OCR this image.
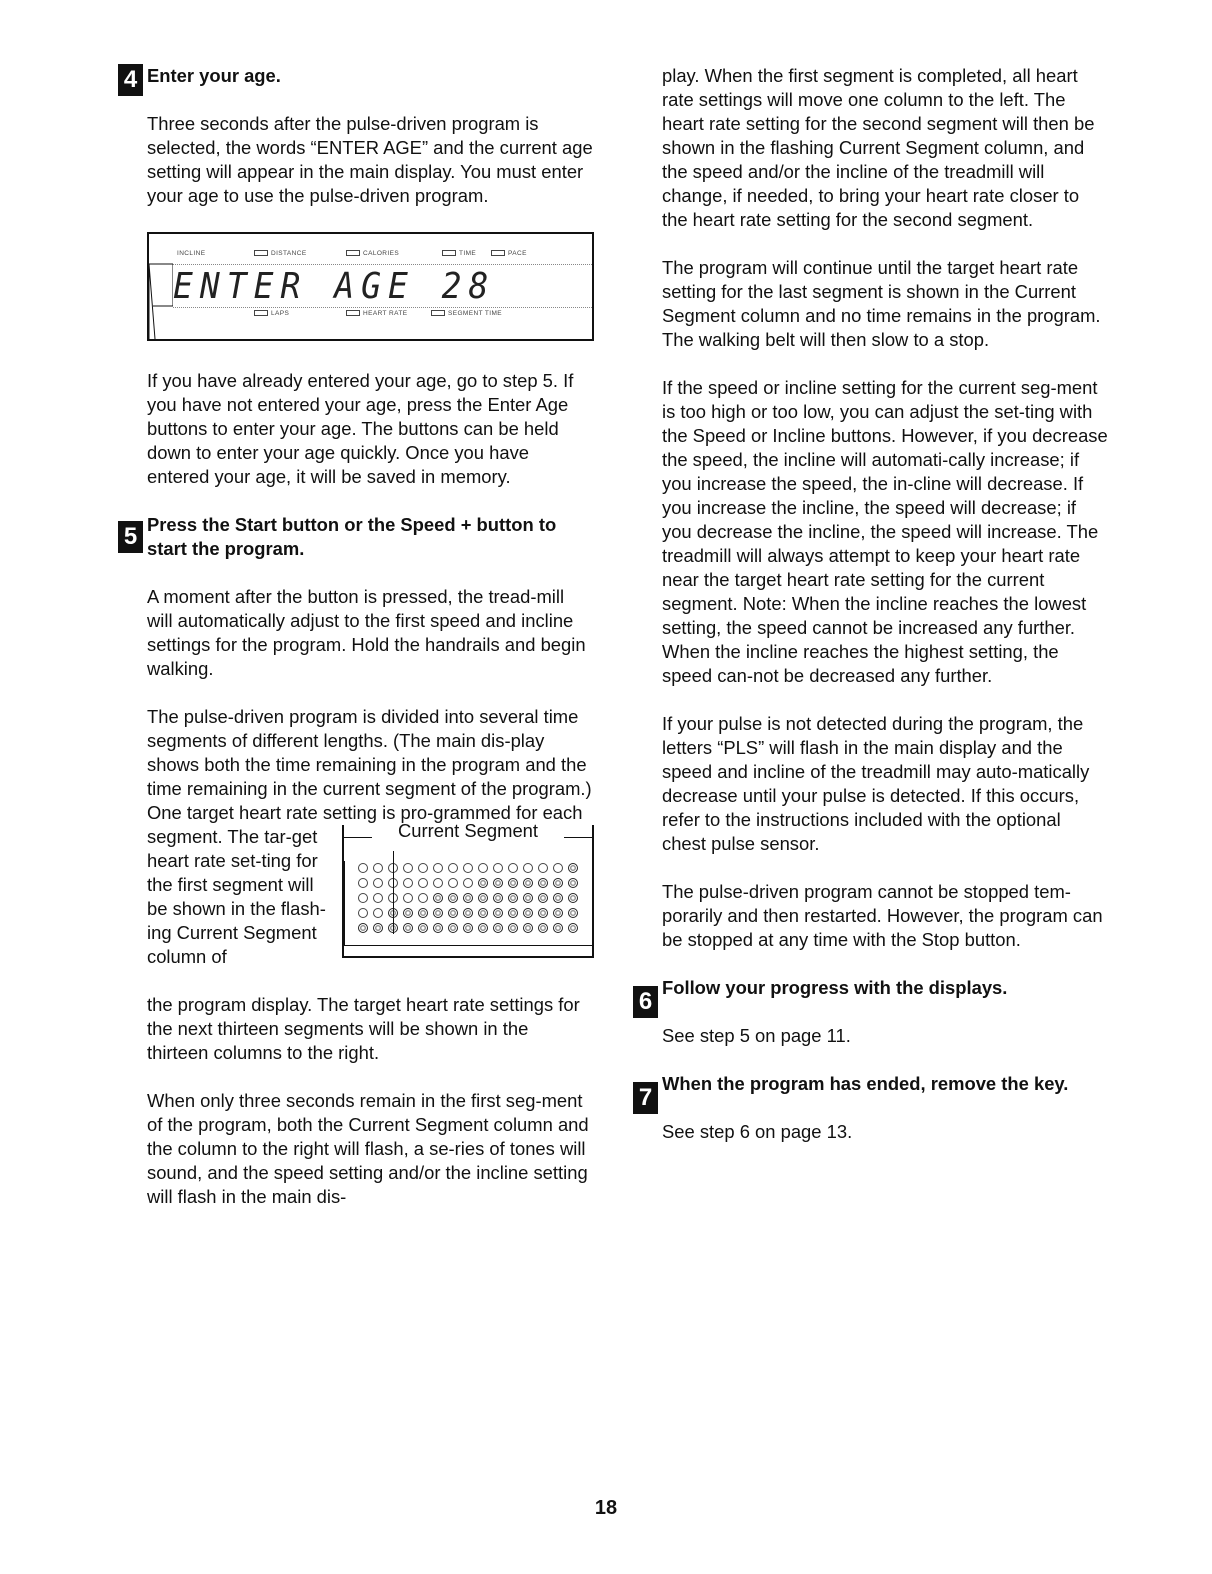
4 Enter your age.

Three seconds after the pulse-driven program is selected, the words “ENTER AGE” and the current age setting will appear in the main display. You must enter your age to use the pulse-driven program.

INCLINE	DISTANCE	CALORIES	TIME	PACE
ENTER AGE 28
LAPS	HEART RATE	SEGMENT TIME

If you have already entered your age, go to step 5. If you have not entered your age, press the Enter Age buttons to enter your age. The buttons can be held down to enter your age quickly. Once you have entered your age, it will be saved in memory.

5 Press the Start button or the Speed + button to start the program.

A moment after the button is pressed, the tread-mill will automatically adjust to the first speed and incline settings for the program. Hold the handrails and begin walking.

The pulse-driven program is divided into several time segments of different lengths. (The main dis-play shows both the time remaining in the program and the time remaining in the current segment of the program.) One target heart rate setting is pro-grammed for each

segment. The tar-get heart rate set-ting for the first segment will be shown in the flash-ing Current Segment column of
Current Segment

the program display. The target heart rate settings for the next thirteen segments will be shown in the thirteen columns to the right.

When only three seconds remain in the first seg-ment of the program, both the Current Segment column and the column to the right will flash, a se-ries of tones will sound, and the speed setting and/or the incline setting will flash in the main dis-

play. When the first segment is completed, all heart rate settings will move one column to the left. The heart rate setting for the second segment will then be shown in the flashing Current Segment column, and the speed and/or the incline of the treadmill will change, if needed, to bring your heart rate closer to the heart rate setting for the second segment.

The program will continue until the target heart rate setting for the last segment is shown in the Current Segment column and no time remains in the program. The walking belt will then slow to a stop.

If the speed or incline setting for the current seg-ment is too high or too low, you can adjust the set-ting with the Speed or Incline buttons. However, if you decrease the speed, the incline will automati-cally increase; if you increase the speed, the in-cline will decrease. If you increase the incline, the speed will decrease; if you decrease the incline, the speed will increase. The treadmill will always attempt to keep your heart rate near the target heart rate setting for the current segment. Note: When the incline reaches the lowest setting, the speed cannot be increased any further. When the incline reaches the highest setting, the speed can-not be decreased any further.

If your pulse is not detected during the program, the letters “PLS” will flash in the main display and the speed and incline of the treadmill may auto-matically decrease until your pulse is detected. If this occurs, refer to the instructions included with the optional chest pulse sensor.

The pulse-driven program cannot be stopped tem-porarily and then restarted. However, the program can be stopped at any time with the Stop button.

6
Follow your progress with the displays.

See step 5 on page 11.

7
When the program has ended, remove the key.

See step 6 on page 13.

18
